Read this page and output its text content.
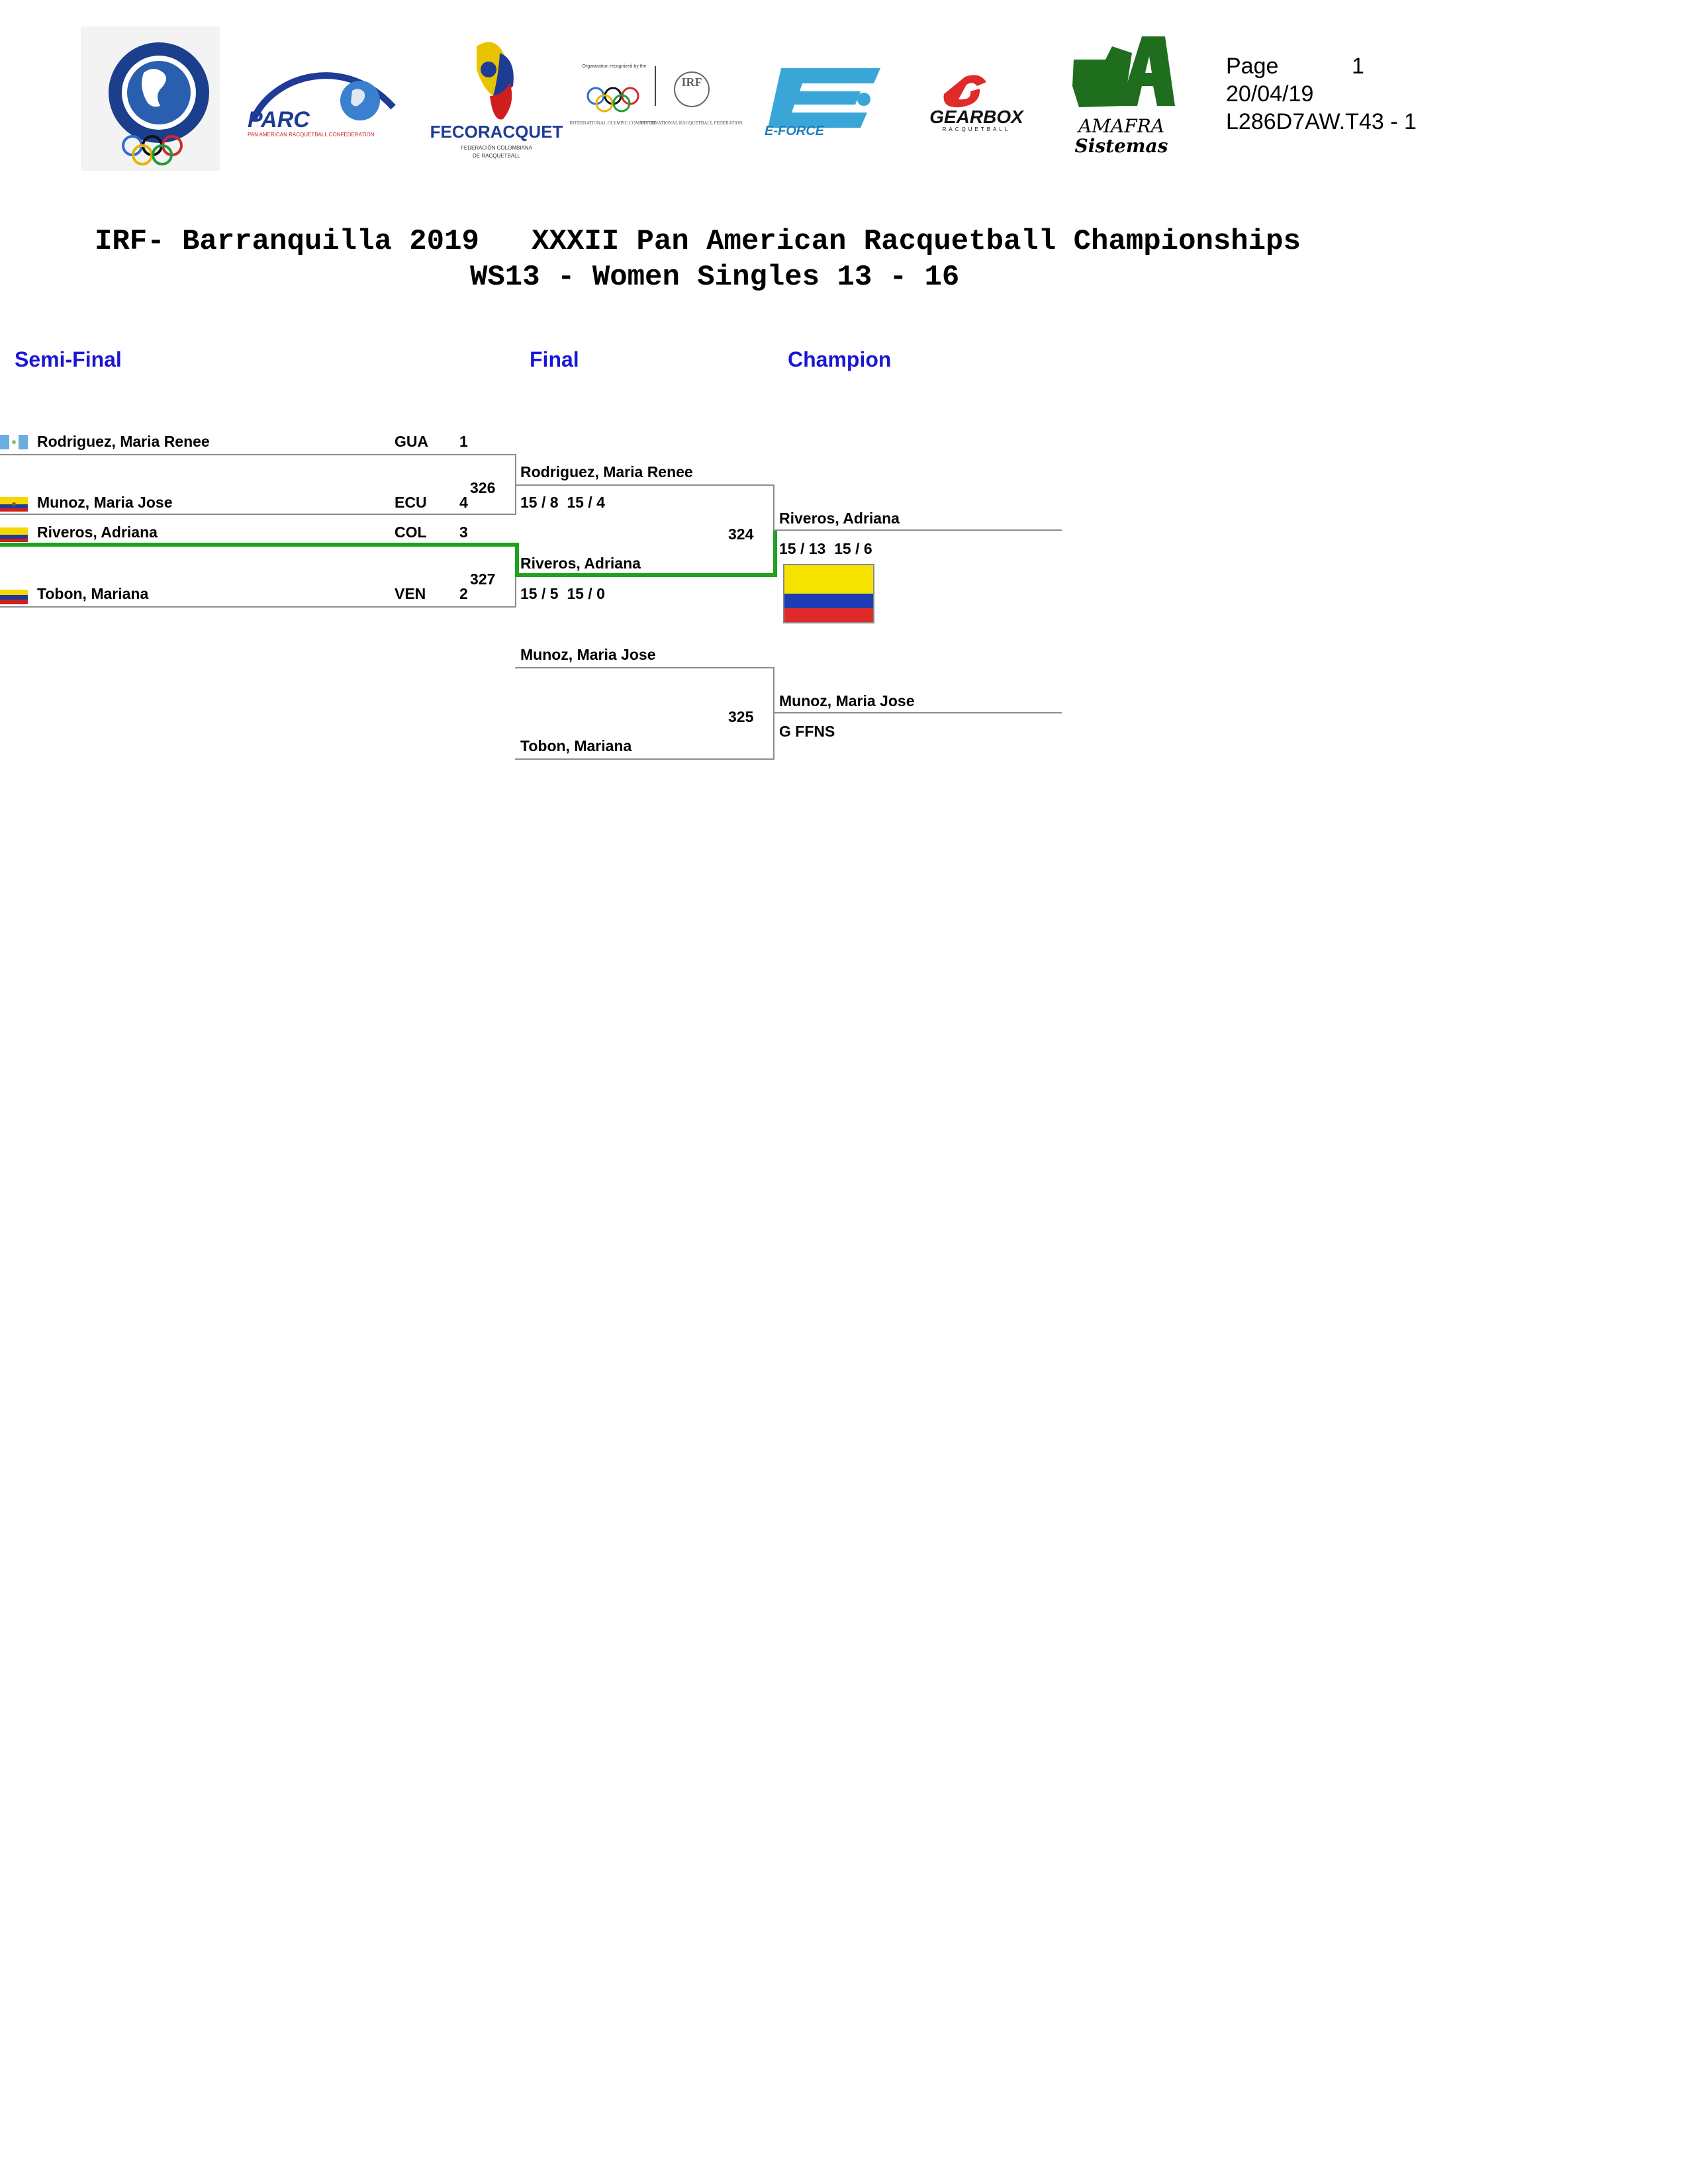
PARC
PAN AMERICAN RACQUETBALL CONFEDERATION	FECORACQUET
FEDERACIÓN COLOMBIANA
DE RACQUETBALL
Organization recognized by the
INTERNATIONAL OLYMPIC COMMITTEE
IRF
INTERNATIONAL RACQUETBALL FEDERATION
E-FORCE
GEARBOX
RACQUETBALL	AMAFRA
Sistemas
Page	1
20/04/19
L286D7AW.T43 - 1
IRF- Barranquilla 2019   XXXII Pan American Racquetball Championships
WS13 - Women Singles 13 - 16
Semi-Final	Final	Champion
Rodriguez, Maria Renee	GUA 1
326
Munoz, Maria Jose	ECU 4
Riveros, Adriana	COL 3
327
Tobon, Mariana	VEN 2
Rodriguez, Maria Renee
15 / 8  15 / 4
324
Riveros, Adriana
15 / 5  15 / 0
Riveros, Adriana
15 / 13  15 / 6
Munoz, Maria Jose
325
Tobon, Mariana
Munoz, Maria Jose
G FFNS
